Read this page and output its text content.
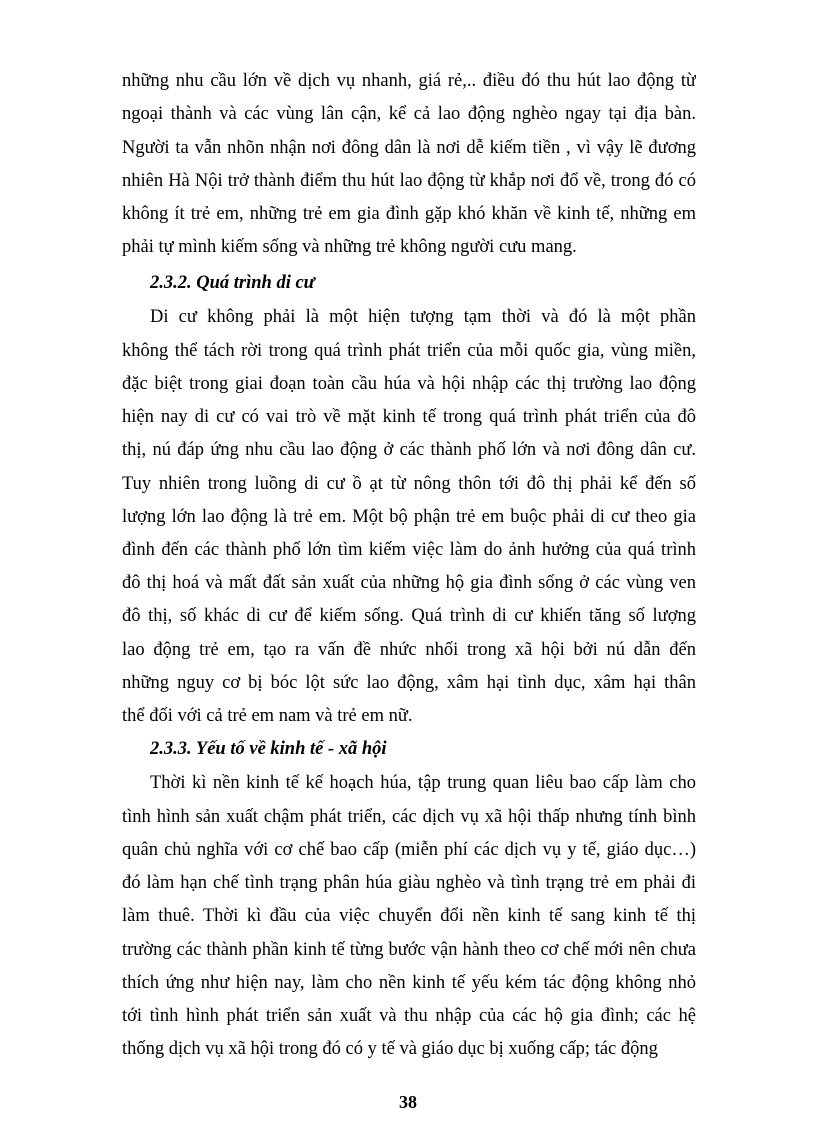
những nhu cầu lớn về dịch vụ nhanh, giá rẻ,.. điều đó thu hút lao động từ
ngoại thành và các vùng lân cận, kể cả lao động nghèo ngay tại địa bàn.
Người ta vẫn nhõn nhận nơi đông dân là nơi dễ kiếm tiền , vì vậy lẽ đương
nhiên Hà Nội trở thành điểm thu hút lao động từ khắp nơi đổ về, trong đó có
không ít trẻ em, những trẻ em gia đình gặp khó khăn về kinh tế, những em
phải tự mình kiếm sống và những trẻ không người cưu mang.
2.3.2. Quá trình di cư
Di cư không phải là một hiện tượng tạm thời và đó là một phần
không thể tách rời trong quá trình phát triển của mỗi quốc gia, vùng miền,
đặc biệt trong giai đoạn toàn cầu húa và hội nhập các thị trường lao động
hiện nay di cư có vai trò về mặt kinh tế trong quá trình phát triển của đô
thị, nú đáp ứng nhu cầu lao động ở các thành phố lớn và nơi đông dân cư.
Tuy nhiên trong luồng di cư ồ ạt từ nông thôn tới đô thị phải kể đến số
lượng lớn lao động là trẻ em. Một bộ phận trẻ em buộc phải di cư theo gia
đình đến các thành phố lớn tìm kiếm việc làm do ảnh hưởng của quá trình
đô thị hoá và mất đất sản xuất của những hộ gia đình sống ở các vùng ven
đô thị, số khác di cư để kiếm sống. Quá trình di cư khiến tăng số lượng
lao động trẻ em, tạo ra vấn đề nhức nhối trong xã hội bởi nú dẫn đến
những nguy cơ bị bóc lột sức lao động, xâm hại tình dục, xâm hại thân
thể đối với cả trẻ em nam và trẻ em nữ.
2.3.3. Yếu tố về kinh tế - xã hội
Thời kì nền kinh tế kế hoạch húa, tập trung quan liêu bao cấp làm cho
tình hình sản xuất chậm phát triển, các dịch vụ xã hội thấp nhưng tính bình
quân chủ nghĩa với cơ chế bao cấp (miễn phí các dịch vụ y tế, giáo dục…)
đó làm hạn chế tình trạng phân húa giàu nghèo và tình trạng trẻ em phải đi
làm thuê. Thời kì đầu của việc chuyển đổi nền kinh tế sang kinh tế thị
trường các thành phần kinh tế từng bước vận hành theo cơ chế mới nên chưa
thích ứng như hiện nay, làm cho nền kinh tế yếu kém tác động không nhỏ
tới tình hình phát triển sản xuất và thu nhập của các hộ gia đình; các hệ
thống dịch vụ xã hội trong đó có y tế và giáo dục bị xuống cấp; tác động
38
